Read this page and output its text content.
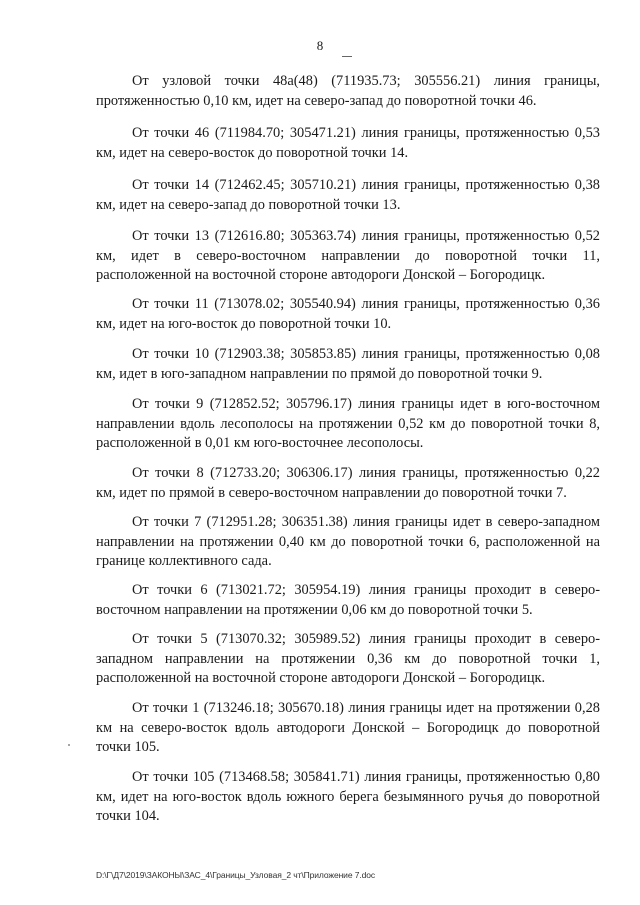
8

От узловой точки 48а(48) (711935.73; 305556.21) линия границы, протяженностью 0,10 км, идет на северо-запад до поворотной точки 46.

От точки 46 (711984.70; 305471.21) линия границы, протяженностью 0,53 км, идет на северо-восток до поворотной точки 14.

От точки 14 (712462.45; 305710.21) линия границы, протяженностью 0,38 км, идет на северо-запад до поворотной точки 13.

От точки 13 (712616.80; 305363.74) линия границы, протяженностью 0,52 км, идет в северо-восточном направлении до поворотной точки 11, расположенной на восточной стороне автодороги Донской – Богородицк.

От точки 11 (713078.02; 305540.94) линия границы, протяженностью 0,36 км, идет на юго-восток до поворотной точки 10.

От точки 10 (712903.38; 305853.85) линия границы, протяженностью 0,08 км, идет в юго-западном направлении по прямой до поворотной точки 9.

От точки 9 (712852.52; 305796.17) линия границы идет в юго-восточном направлении вдоль лесополосы на протяжении 0,52 км до поворотной точки 8, расположенной в 0,01 км юго-восточнее лесополосы.

От точки 8 (712733.20; 306306.17) линия границы, протяженностью 0,22 км, идет по прямой в северо-восточном направлении до поворотной точки 7.

От точки 7 (712951.28; 306351.38) линия границы идет в северо-западном направлении на протяжении 0,40 км до поворотной точки 6, расположенной на границе коллективного сада.

От точки 6 (713021.72; 305954.19) линия границы проходит в северо-восточном направлении на протяжении 0,06 км до поворотной точки 5.

От точки 5 (713070.32; 305989.52) линия границы проходит в северо-западном направлении на протяжении 0,36 км до поворотной точки 1, расположенной на восточной стороне автодороги Донской – Богородицк.

От точки 1 (713246.18; 305670.18) линия границы идет на протяжении 0,28 км на северо-восток вдоль автодороги Донской – Богородицк до поворотной точки 105.

От точки 105 (713468.58; 305841.71) линия границы, протяженностью 0,80 км, идет на юго-восток вдоль южного берега безымянного ручья до поворотной точки 104.

D:\Г\Д7\2019\ЗАКОНЫ\ЗАС_4\Границы_Узловая_2 чт\Приложение 7.doc
